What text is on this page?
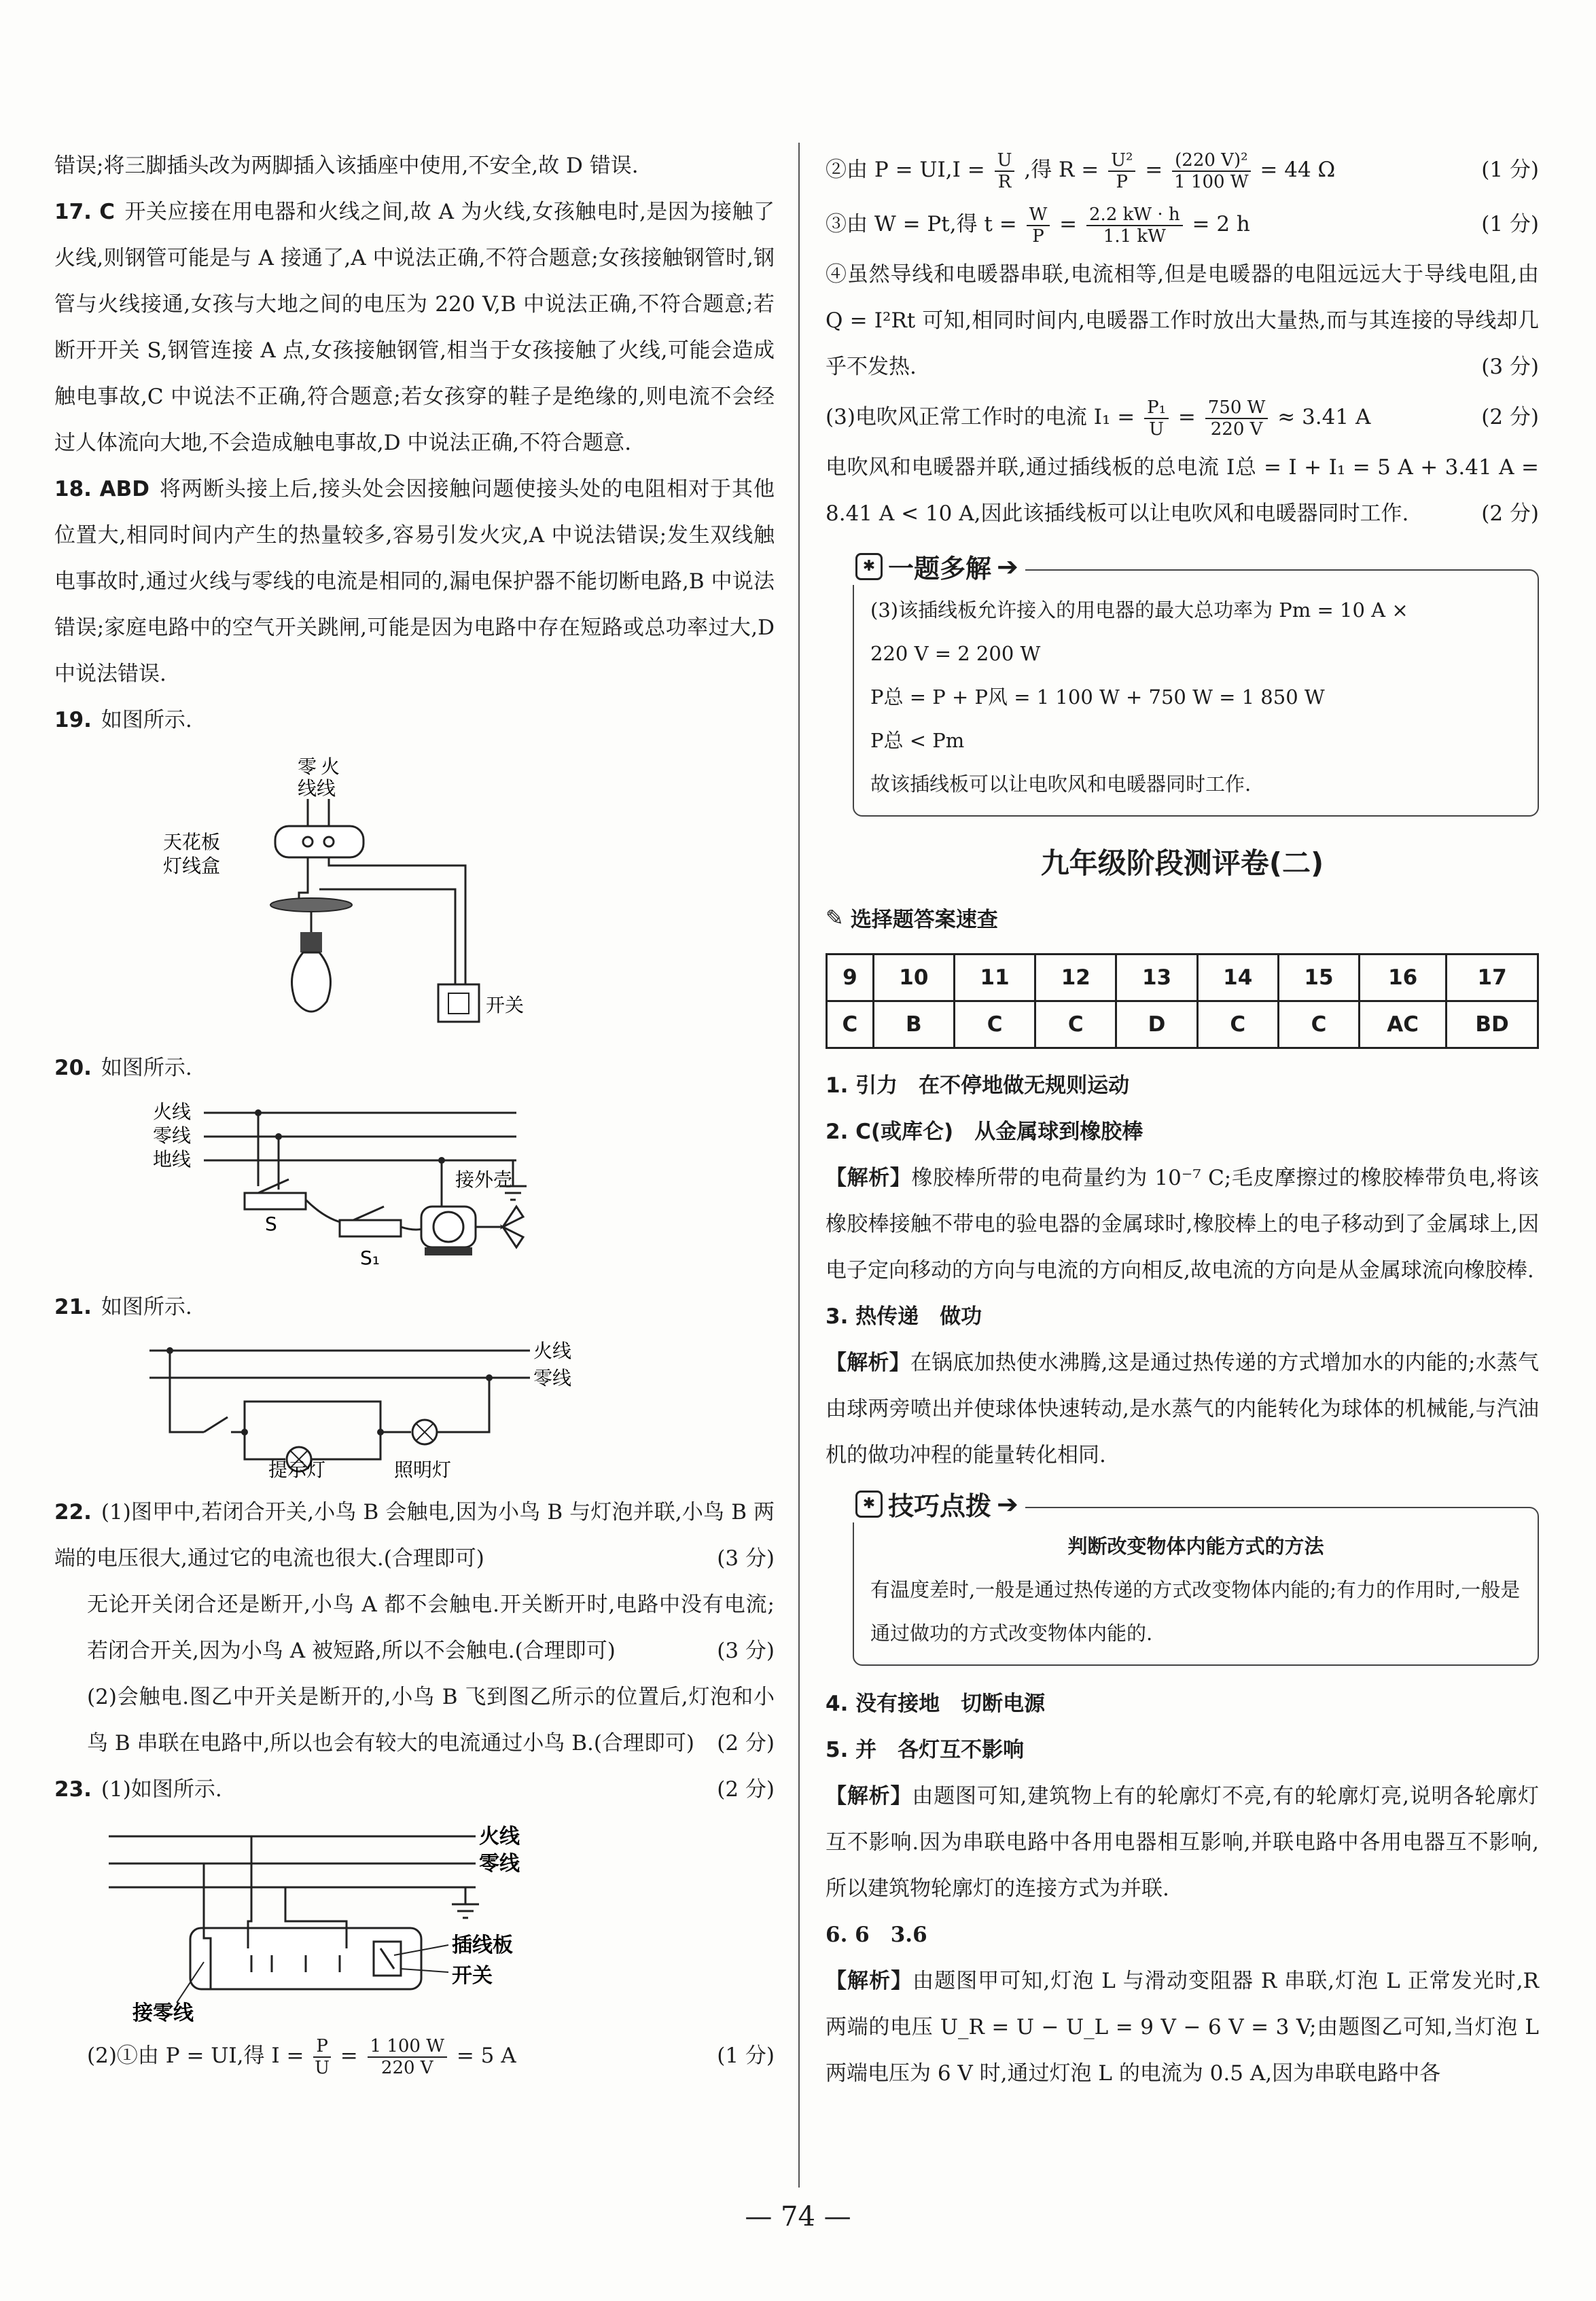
错误;将三脚插头改为两脚插入该插座中使用,不安全,故 D 错误.

17. C 开关应接在用电器和火线之间,故 A 为火线,女孩触电时,是因为接触了火线,则钢管可能是与 A 接通了,A 中说法正确,不符合题意;女孩接触钢管时,钢管与火线接通,女孩与大地之间的电压为 220 V,B 中说法正确,不符合题意;若断开开关 S,钢管连接 A 点,女孩接触钢管,相当于女孩接触了火线,可能会造成触电事故,C 中说法不正确,符合题意;若女孩穿的鞋子是绝缘的,则电流不会经过人体流向大地,不会造成触电事故,D 中说法正确,不符合题意.

18. ABD 将两断头接上后,接头处会因接触问题使接头处的电阻相对于其他位置大,相同时间内产生的热量较多,容易引发火灾,A 中说法错误;发生双线触电事故时,通过火线与零线的电流是相同的,漏电保护器不能切断电路,B 中说法错误;家庭电路中的空气开关跳闸,可能是因为电路中存在短路或总功率过大,D 中说法错误.

19. 如图所示.

零 火
线线
天花板
灯线盒
开关

20. 如图所示.

火线
零线
地线
接外壳
S
S₁

21. 如图所示.

火线
零线
提示灯	照明灯

22. (1)图甲中,若闭合开关,小鸟 B 会触电,因为小鸟 B 与灯泡并联,小鸟 B 两端的电压很大,通过它的电流也很大.(合理即可)	(3 分)

无论开关闭合还是断开,小鸟 A 都不会触电.开关断开时,电路中没有电流;若闭合开关,因为小鸟 A 被短路,所以不会触电.(合理即可)	(3 分)

(2)会触电.图乙中开关是断开的,小鸟 B 飞到图乙所示的位置后,灯泡和小鸟 B 串联在电路中,所以也会有较大的电流通过小鸟 B.(合理即可) (2 分)

23. (1)如图所示.	(2 分)

火线
零线
插线板
开关
接零线

(2)①由 P = UI,得 $I = \frac{P}{U} = \frac{1 100 W}{220 V} = 5$ A	(1 分)

②由 $P = UI,I = \frac{U}{R}$ ,得 $R = \frac{\text{U²}}{P} = \frac{\text{(220 V)²}}{1 100 W} = 44$ Ω	(1 分)

③由 W = Pt,得 $t = \frac{W}{P} = \frac{2.2 kW \cdot h}{1.1 kW} = 2$ h	(1 分)

④虽然导线和电暖器串联,电流相等,但是电暖器的电阻远远大于导线电阻,由 Q = I²Rt 可知,相同时间内,电暖器工作时放出大量热,而与其连接的导线却几乎不发热.	(3 分)

(3)电吹风正常工作时的电流 $I_1 = \frac{\text{P₁}}{U} = \frac{750 W}{220 V} \approx 3.41$ A	(2 分)

电吹风和电暖器并联,通过插线板的总电流 I总 = I + I₁ = 5 A + 3.41 A = 8.41 A < 10 A,因此该插线板可以让电吹风和电暖器同时工作.	(2 分)

✱ 一题多解 ➔

(3)该插线板允许接入的用电器的最大总功率为 Pm = 10 A ×

220 V = 2 200 W

P总 = P + P风 = 1 100 W + 750 W = 1 850 W

P总 < Pm

故该插线板可以让电吹风和电暖器同时工作.

九年级阶段测评卷(二)
✎ 选择题答案速查
9	10	11	12	13	14	15	16	17
C	B	C	C	D	C	C	AC	BD

1. 引力　在不停地做无规则运动

2. C(或库仑)　从金属球到橡胶棒

【解析】橡胶棒所带的电荷量约为 10⁻⁷ C;毛皮摩擦过的橡胶棒带负电,将该橡胶棒接触不带电的验电器的金属球时,橡胶棒上的电子移动到了金属球上,因电子定向移动的方向与电流的方向相反,故电流的方向是从金属球流向橡胶棒.

3. 热传递　做功

【解析】在锅底加热使水沸腾,这是通过热传递的方式增加水的内能的;水蒸气由球两旁喷出并使球体快速转动,是水蒸气的内能转化为球体的机械能,与汽油机的做功冲程的能量转化相同.

✱ 技巧点拨 ➔

判断改变物体内能方式的方法

有温度差时,一般是通过热传递的方式改变物体内能的;有力的作用时,一般是通过做功的方式改变物体内能的.

4. 没有接地　切断电源

5. 并　各灯互不影响

【解析】由题图可知,建筑物上有的轮廓灯不亮,有的轮廓灯亮,说明各轮廓灯互不影响.因为串联电路中各用电器相互影响,并联电路中各用电器互不影响,所以建筑物轮廓灯的连接方式为并联.

6. 6　3.6

【解析】由题图甲可知,灯泡 L 与滑动变阻器 R 串联,灯泡 L 正常发光时,R 两端的电压 U_R = U − U_L = 9 V − 6 V = 3 V;由题图乙可知,当灯泡 L 两端电压为 6 V 时,通过灯泡 L 的电流为 0.5 A,因为串联电路中各

— 74 —
